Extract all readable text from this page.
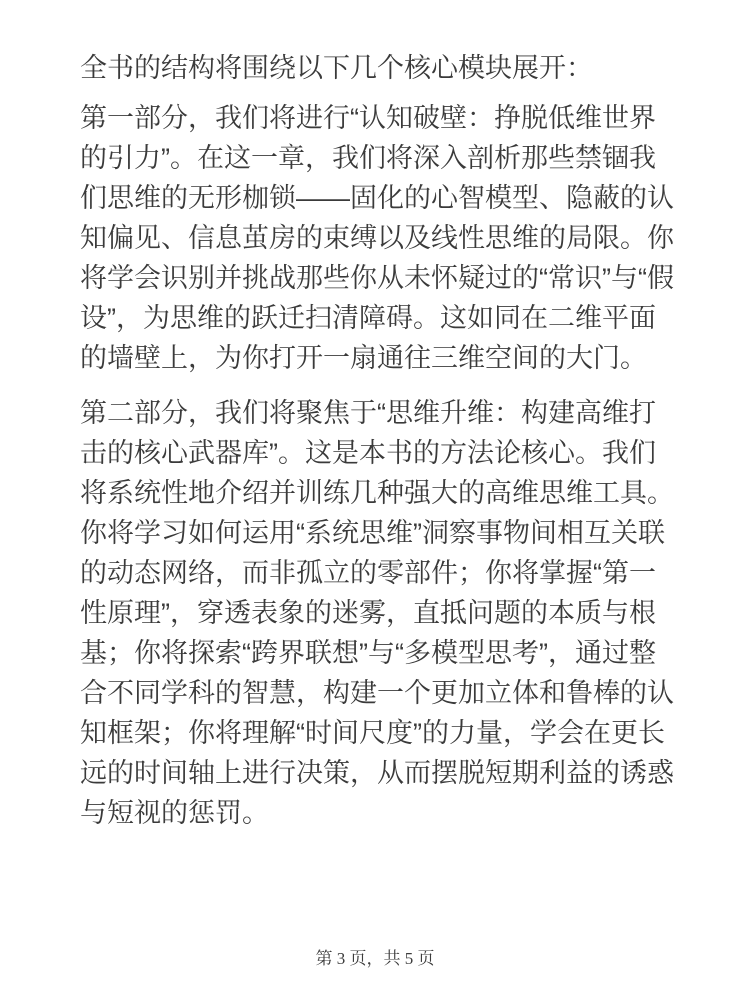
全书的结构将围绕以下几个核心模块展开：

第一部分，我们将进行“认知破壁：挣脱低维世界的引力”。在这一章，我们将深入剖析那些禁锢我们思维的无形枷锁——固化的心智模型、隐蔽的认知偏见、信息茧房的束缚以及线性思维的局限。你将学会识别并挑战那些你从未怀疑过的“常识”与“假设”，为思维的跃迁扫清障碍。这如同在二维平面的墙壁上，为你打开一扇通往三维空间的大门。

第二部分，我们将聚焦于“思维升维：构建高维打击的核心武器库”。这是本书的方法论核心。我们将系统性地介绍并训练几种强大的高维思维工具。你将学习如何运用“系统思维”洞察事物间相互关联的动态网络，而非孤立的零部件；你将掌握“第一性原理”，穿透表象的迷雾，直抵问题的本质与根基；你将探索“跨界联想”与“多模型思考”，通过整合不同学科的智慧，构建一个更加立体和鲁棒的认知框架；你将理解“时间尺度”的力量，学会在更长远的时间轴上进行决策，从而摆脱短期利益的诱惑与短视的惩罚。

第 3 页，共 5 页
